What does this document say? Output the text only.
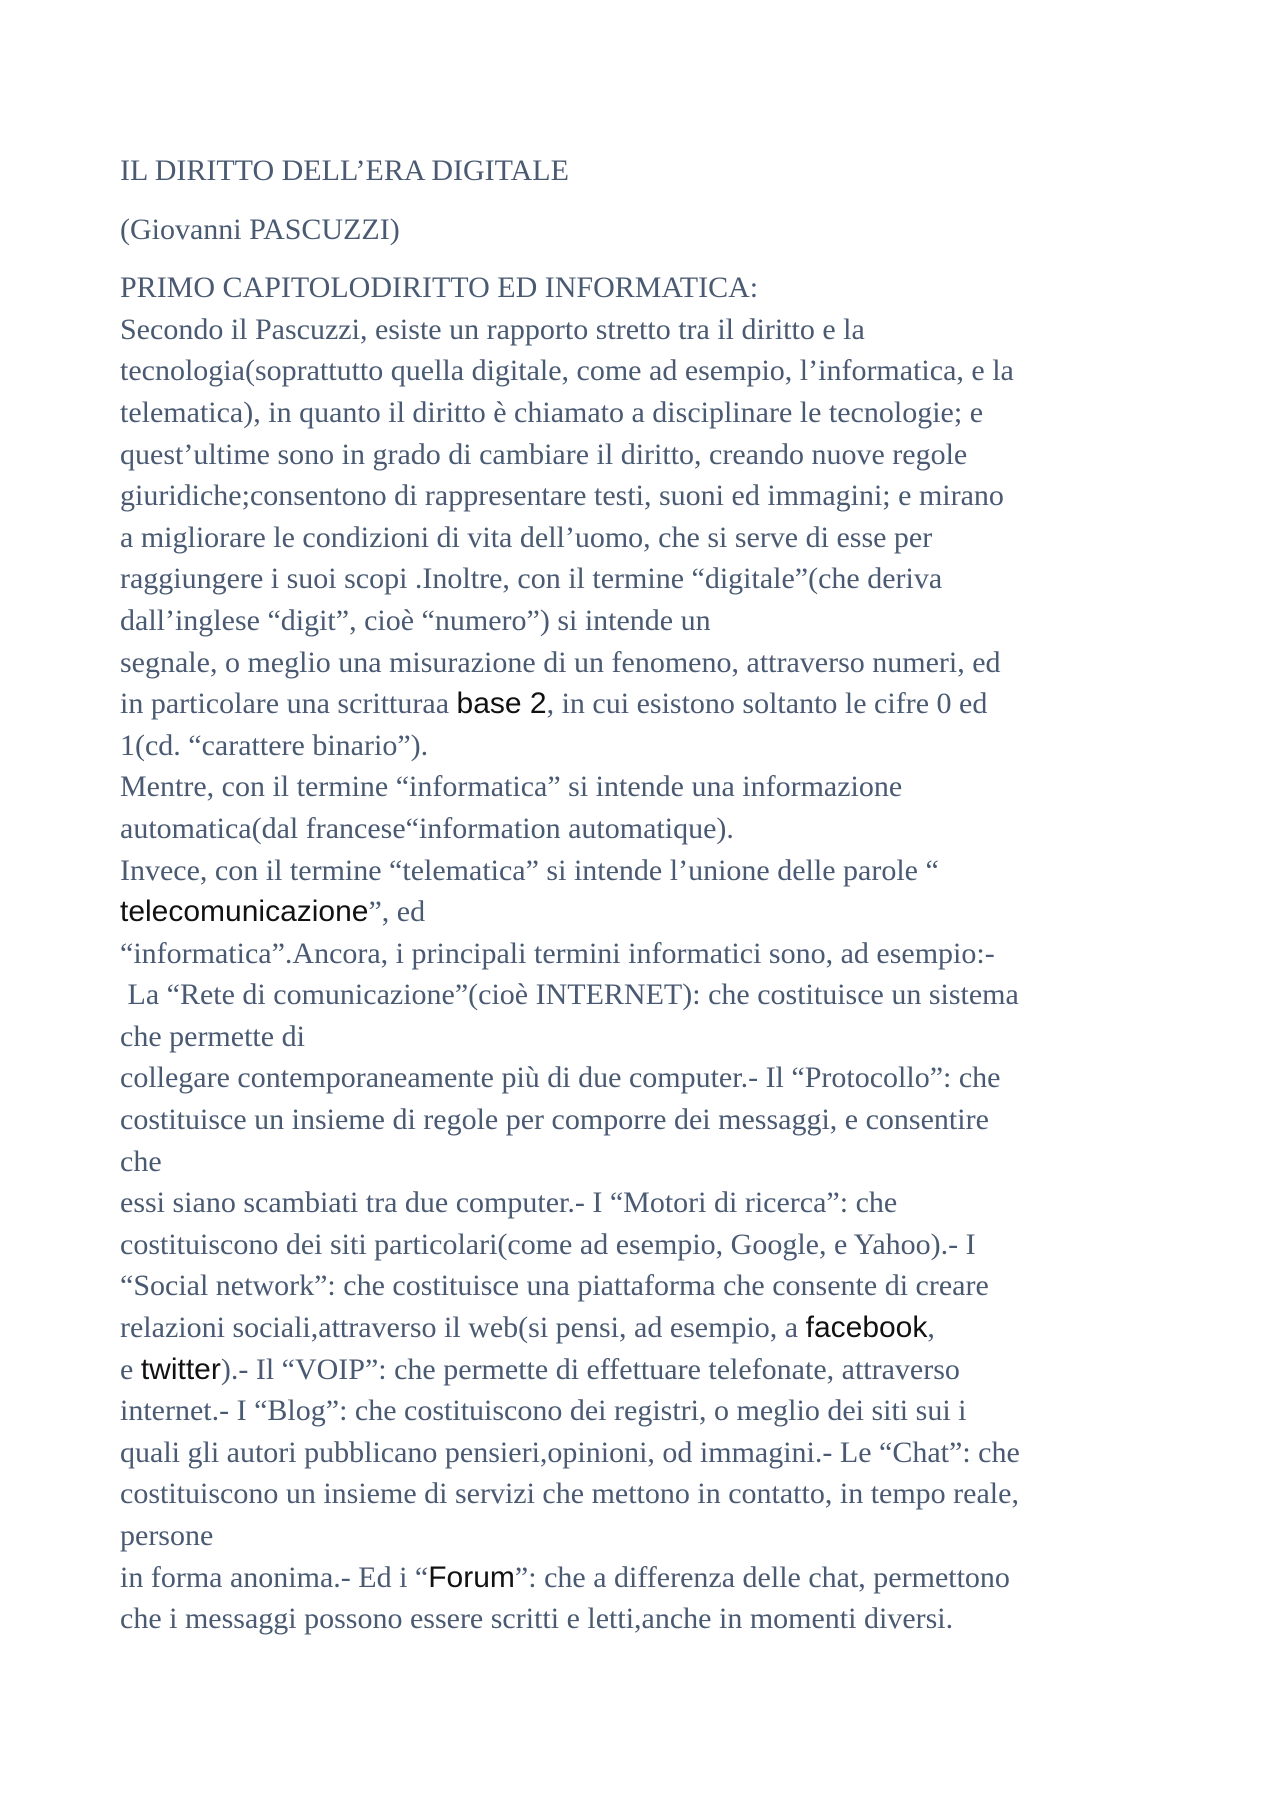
IL DIRITTO DELL’ERA DIGITALE
(Giovanni PASCUZZI)
PRIMO CAPITOLODIRITTO ED INFORMATICA:
Secondo il Pascuzzi, esiste un rapporto stretto tra il diritto e la
tecnologia(soprattutto quella digitale, come ad esempio, l’informatica, e la
telematica), in quanto il diritto è chiamato a disciplinare le tecnologie; e
quest’ultime sono in grado di cambiare il diritto, creando nuove regole
giuridiche;consentono di rappresentare testi, suoni ed immagini; e mirano
a migliorare le condizioni di vita dell’uomo, che si serve di esse per
raggiungere i suoi scopi .Inoltre, con il termine “digitale”(che deriva
dall’inglese “digit”, cioè “numero”) si intende un
segnale, o meglio una misurazione di un fenomeno, attraverso numeri, ed
in particolare una scritturaa base 2, in cui esistono soltanto le cifre 0 ed
1(cd. “carattere binario”).
Mentre, con il termine “informatica” si intende una informazione
automatica(dal francese“information automatique).
Invece, con il termine “telematica” si intende l’unione delle parole “
telecomunicazione”, ed
“informatica”.Ancora, i principali termini informatici sono, ad esempio:-
La “Rete di comunicazione”(cioè INTERNET): che costituisce un sistema
che permette di
collegare contemporaneamente più di due computer.- Il “Protocollo”: che
costituisce un insieme di regole per comporre dei messaggi, e consentire
che
essi siano scambiati tra due computer.- I “Motori di ricerca”: che
costituiscono dei siti particolari(come ad esempio, Google, e Yahoo).- I
“Social network”: che costituisce una piattaforma che consente di creare
relazioni sociali,attraverso il web(si pensi, ad esempio, a facebook,
e twitter).- Il “VOIP”: che permette di effettuare telefonate, attraverso
internet.- I “Blog”: che costituiscono dei registri, o meglio dei siti sui i
quali gli autori pubblicano pensieri,opinioni, od immagini.- Le “Chat”: che
costituiscono un insieme di servizi che mettono in contatto, in tempo reale,
persone
in forma anonima.- Ed i “Forum”: che a differenza delle chat, permettono
che i messaggi possono essere scritti e letti,anche in momenti diversi.
